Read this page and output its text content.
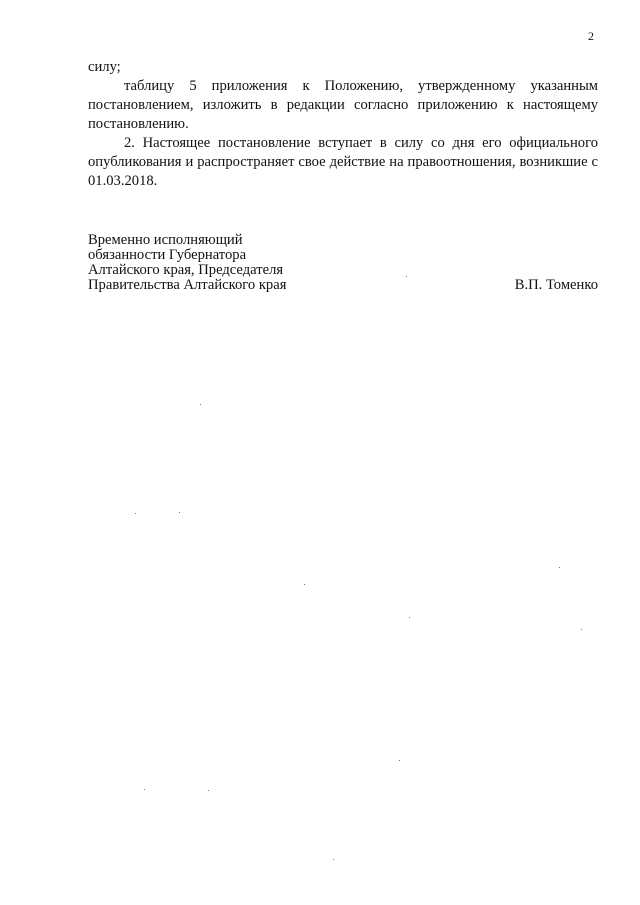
2

силу;

таблицу 5 приложения к Положению, утвержденному указанным постановлением, изложить в редакции согласно приложению к настоящему постановлению.

2. Настоящее постановление вступает в силу со дня его официального опубликования и распространяет свое действие на правоотношения, возникшие с 01.03.2018.

Временно исполняющий
обязанности Губернатора
Алтайского края, Председателя
Правительства Алтайского края	В.П. Томенко
